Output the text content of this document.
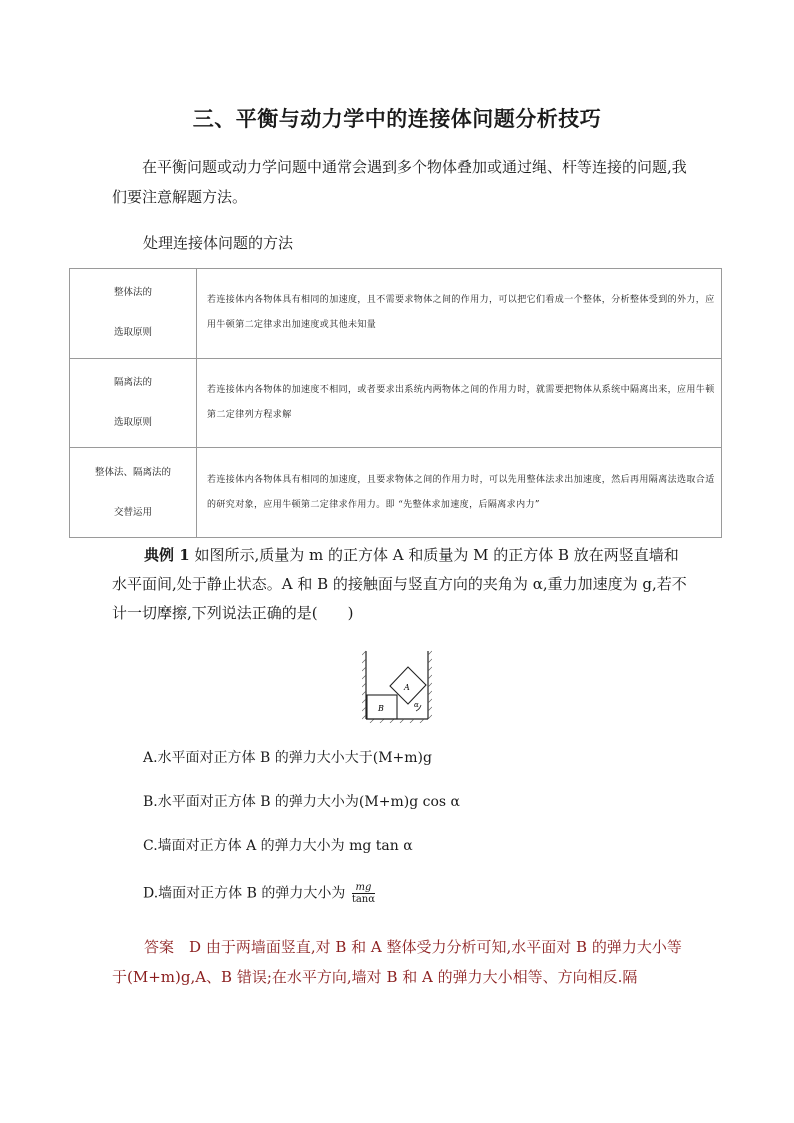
三、平衡与动力学中的连接体问题分析技巧
在平衡问题或动力学问题中通常会遇到多个物体叠加或通过绳、杆等连接的问题,我们要注意解题方法。
处理连接体问题的方法
整体法的
选取原则	若连接体内各物体具有相同的加速度，且不需要求物体之间的作用力，可以把它们看成一个整体，分析整体受到的外力，应用牛顿第二定律求出加速度或其他未知量

隔离法的
选取原则	若连接体内各物体的加速度不相同，或者要求出系统内两物体之间的作用力时，就需要把物体从系统中隔离出来，应用牛顿第二定律列方程求解

整体法、隔离法的
交替运用	若连接体内各物体具有相同的加速度，且要求物体之间的作用力时，可以先用整体法求出加速度，然后再用隔离法选取合适的研究对象，应用牛顿第二定律求作用力。即 “先整体求加速度，后隔离求内力”
典例 1 如图所示,质量为 m 的正方体 A 和质量为 M 的正方体 B 放在两竖直墙和水平面间,处于静止状态。A 和 B 的接触面与竖直方向的夹角为 α,重力加速度为 g,若不计一切摩擦,下列说法正确的是(　　)
B
A
α
A.水平面对正方体 B 的弹力大小大于(M+m)g
B.水平面对正方体 B 的弹力大小为(M+m)g cos α
C.墙面对正方体 A 的弹力大小为 mg tan α
D.墙面对正方体 B 的弹力大小为 $\frac{mg}{\tan\alpha}$
答案　D 由于两墙面竖直,对 B 和 A 整体受力分析可知,水平面对 B 的弹力大小等于(M+m)g,A、B 错误;在水平方向,墙对 B 和 A 的弹力大小相等、方向相反.隔
